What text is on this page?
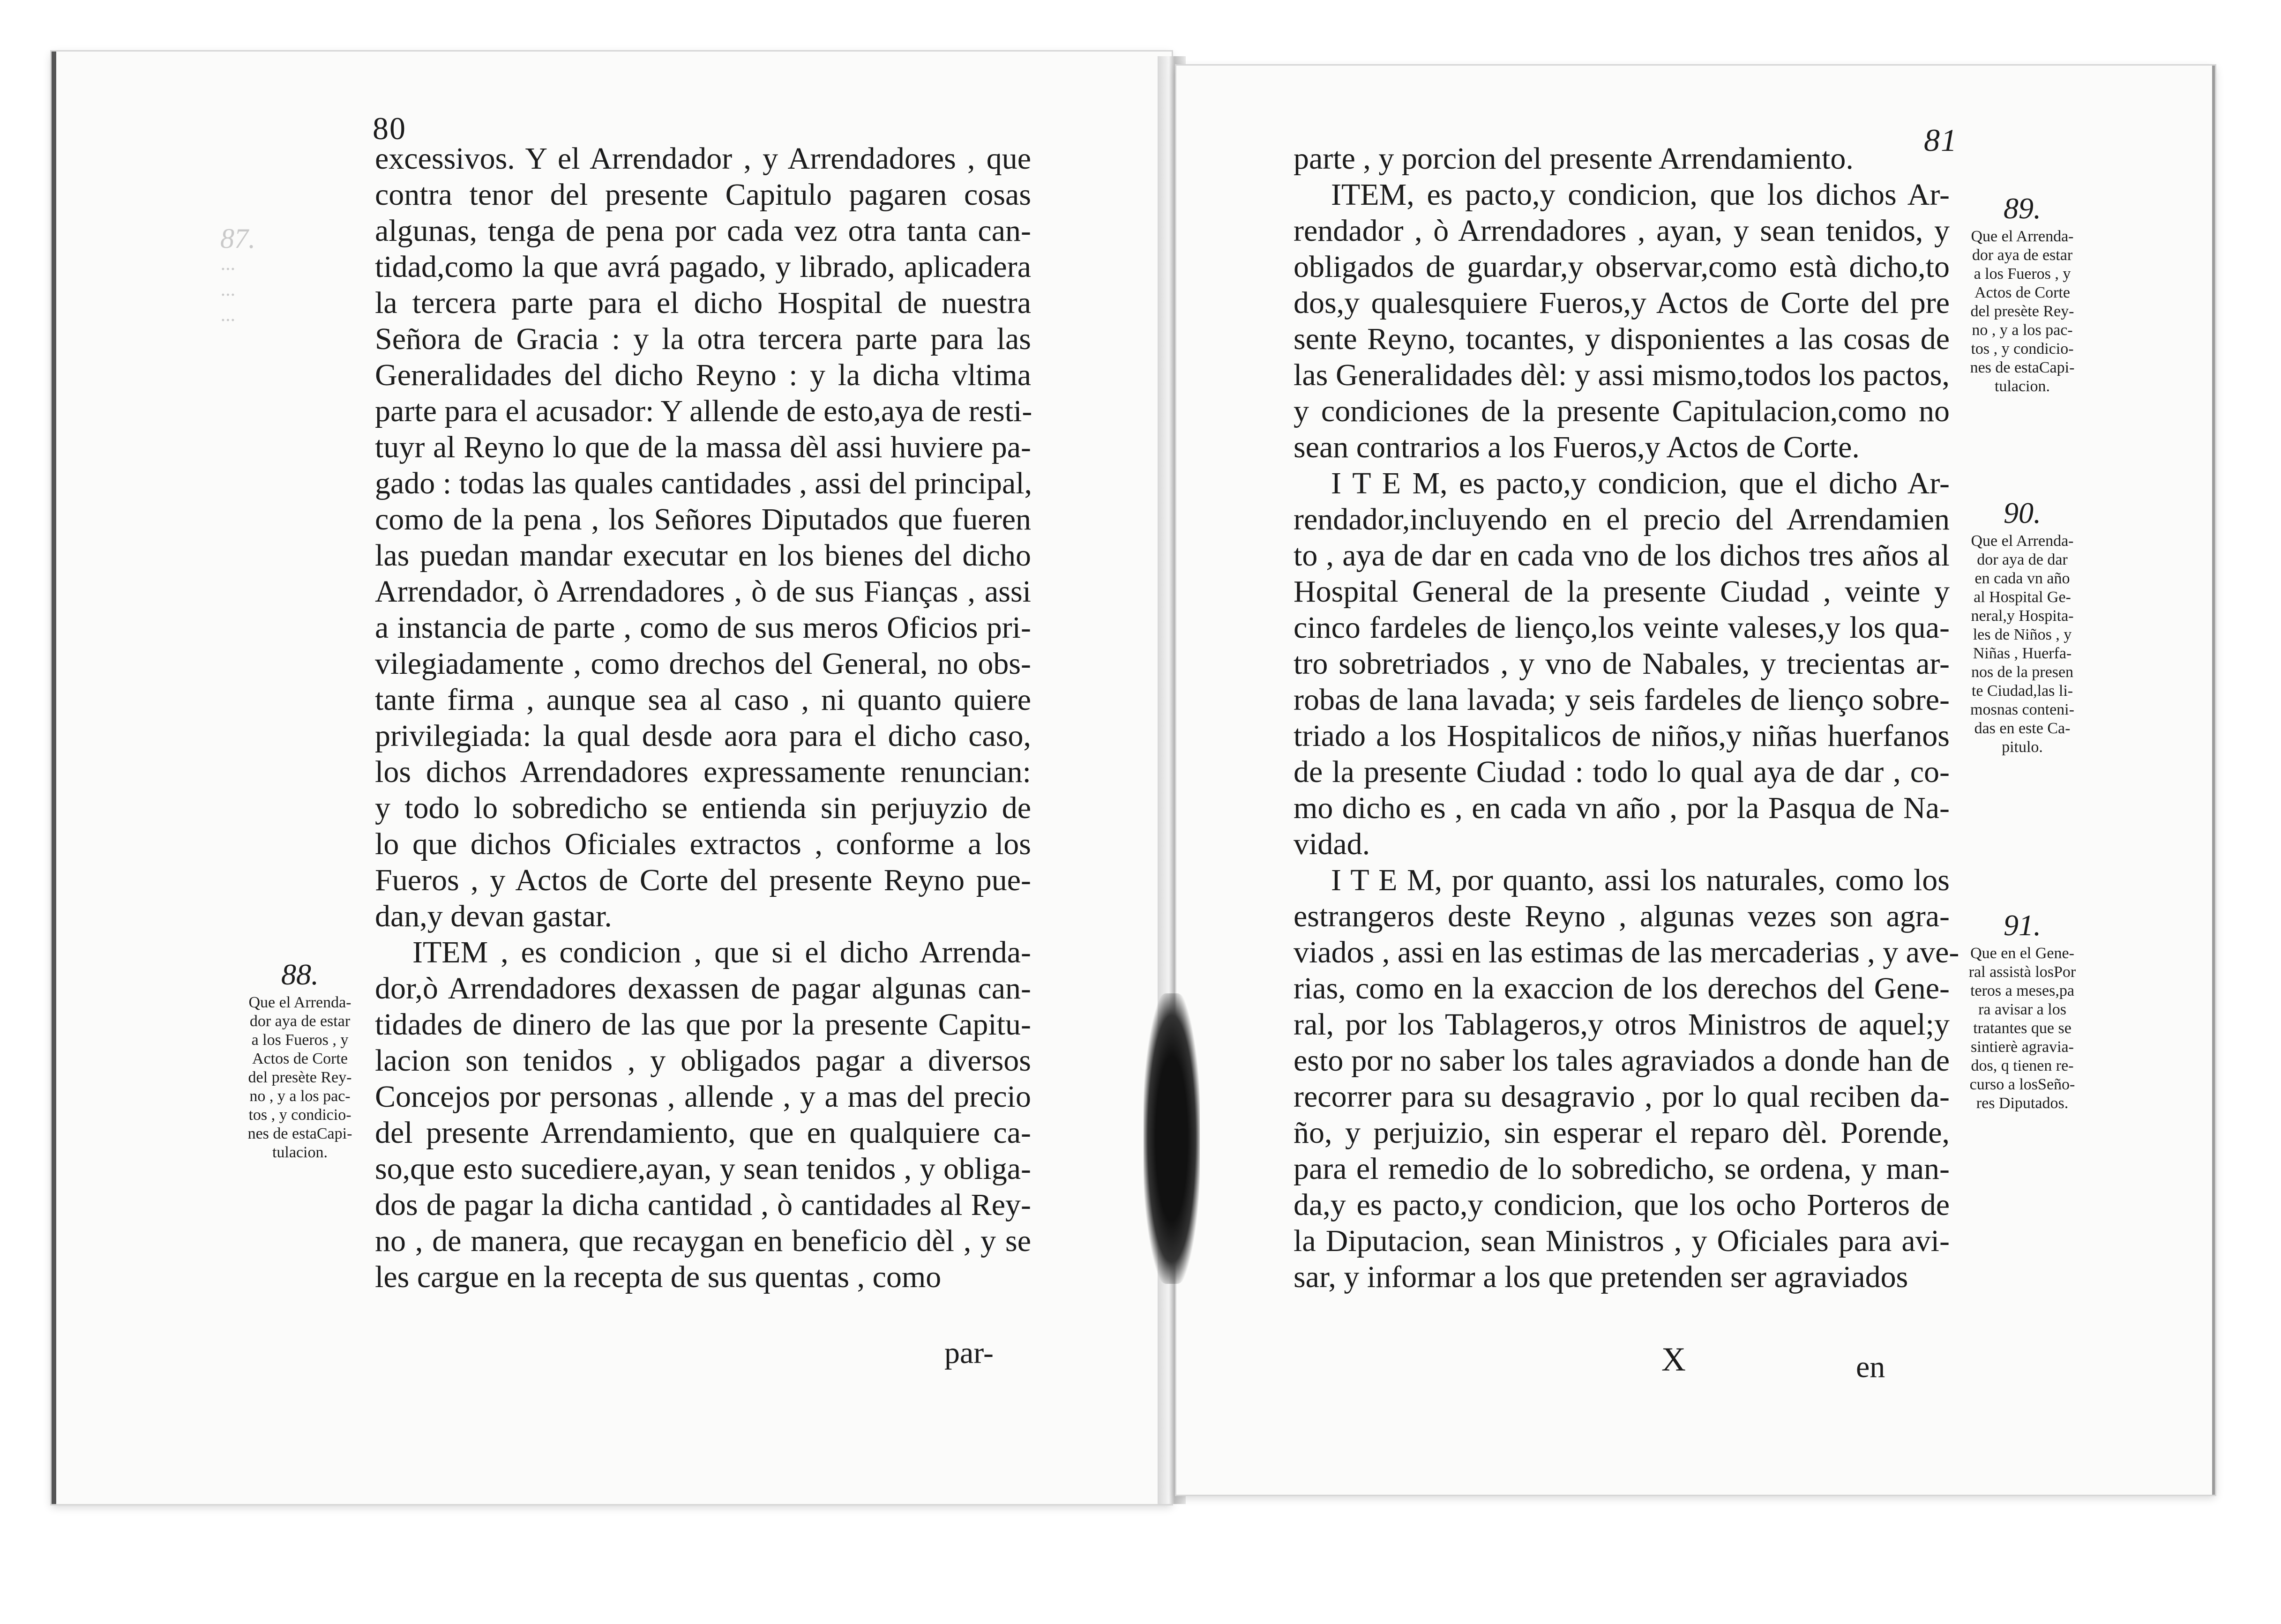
87.
···
···
···
80

excessivos. Y el Arrendador , y Arrendadores , que

contra tenor del presente Capitulo pagaren cosas

algunas, tenga de pena por cada vez otra tanta can-

tidad,como la que avrá pagado, y librado, aplicadera

la tercera parte para el dicho Hospital de nuestra

Señora de Gracia : y la otra tercera parte para las

Generalidades del dicho Reyno : y la dicha vltima

parte para el acusador: Y allende de esto,aya de resti-

tuyr al Reyno lo que de la massa dèl assi huviere pa-

gado : todas las quales cantidades , assi del principal,

como de la pena , los Señores Diputados que fueren

las puedan mandar executar en los bienes del dicho

Arrendador, ò Arrendadores , ò de sus Fianças , assi

a instancia de parte , como de sus meros Oficios pri-

vilegiadamente , como drechos del General, no obs-

tante firma , aunque sea al caso , ni quanto quiere

privilegiada: la qual desde aora para el dicho caso,

los dichos Arrendadores expressamente renuncian:

y todo lo sobredicho se entienda sin perjuyzio de

lo que dichos Oficiales extractos , conforme a los

Fueros , y Actos de Corte del presente Reyno pue-

dan,y devan gastar.

ITEM , es condicion , que si el dicho Arrenda-

dor,ò Arrendadores dexassen de pagar algunas can-

tidades de dinero de las que por la presente Capitu-

lacion son tenidos , y obligados pagar a diversos

Concejos por personas , allende , y a mas del precio

del presente Arrendamiento, que en qualquiere ca-

so,que esto sucediere,ayan, y sean tenidos , y obliga-

dos de pagar la dicha cantidad , ò cantidades al Rey-

no , de manera, que recaygan en beneficio dèl , y se

les cargue en la recepta de sus quentas , como

88.
Que el Arrenda-
dor aya de estar
a los Fueros , y
Actos de Corte
del presète Rey-
no , y a los pac-
tos , y condicio-
nes de estaCapi-
tulacion.
par-
81

parte , y porcion del presente Arrendamiento.

ITEM, es pacto,y condicion, que los dichos Ar-

rendador , ò Arrendadores , ayan, y sean tenidos, y

obligados de guardar,y observar,como està dicho,to

dos,y qualesquiere Fueros,y Actos de Corte del pre

sente Reyno, tocantes, y disponientes a las cosas de

las Generalidades dèl: y assi mismo,todos los pactos,

y condiciones de la presente Capitulacion,como no

sean contrarios a los Fueros,y Actos de Corte.

I T E M, es pacto,y condicion, que el dicho Ar-

rendador,incluyendo en el precio del Arrendamien

to , aya de dar en cada vno de los dichos tres años al

Hospital General de la presente Ciudad , veinte y

cinco fardeles de lienço,los veinte valeses,y los qua-

tro sobretriados , y vno de Nabales, y trecientas ar-

robas de lana lavada; y seis fardeles de lienço sobre-

triado a los Hospitalicos de niños,y niñas huerfanos

de la presente Ciudad : todo lo qual aya de dar , co-

mo dicho es , en cada vn año , por la Pasqua de Na-

vidad.

I T E M, por quanto, assi los naturales, como los

estrangeros deste Reyno , algunas vezes son agra-

viados , assi en las estimas de las mercaderias , y ave-

rias, como en la exaccion de los derechos del Gene-

ral, por los Tablageros,y otros Ministros de aquel;y

esto por no saber los tales agraviados a donde han de

recorrer para su desagravio , por lo qual reciben da-

ño, y perjuizio, sin esperar el reparo dèl. Porende,

para el remedio de lo sobredicho, se ordena, y man-

da,y es pacto,y condicion, que los ocho Porteros de

la Diputacion, sean Ministros , y Oficiales para avi-

sar, y informar a los que pretenden ser agraviados

89.
Que el Arrenda-
dor aya de estar
a los Fueros , y
Actos de Corte
del presète Rey-
no , y a los pac-
tos , y condicio-
nes de estaCapi-
tulacion.
90.
Que el Arrenda-
dor aya de dar
en cada vn año
al Hospital Ge-
neral,y Hospita-
les de Niños , y
Niñas , Huerfa-
nos de la presen
te Ciudad,las li-
mosnas conteni-
das en este Ca-
pitulo.
91.
Que en el Gene-
ral assistà losPor
teros a meses,pa
ra avisar a los
tratantes que se
sintierè agravia-
dos, q tienen re-
curso a losSeño-
res Diputados.
X	en
